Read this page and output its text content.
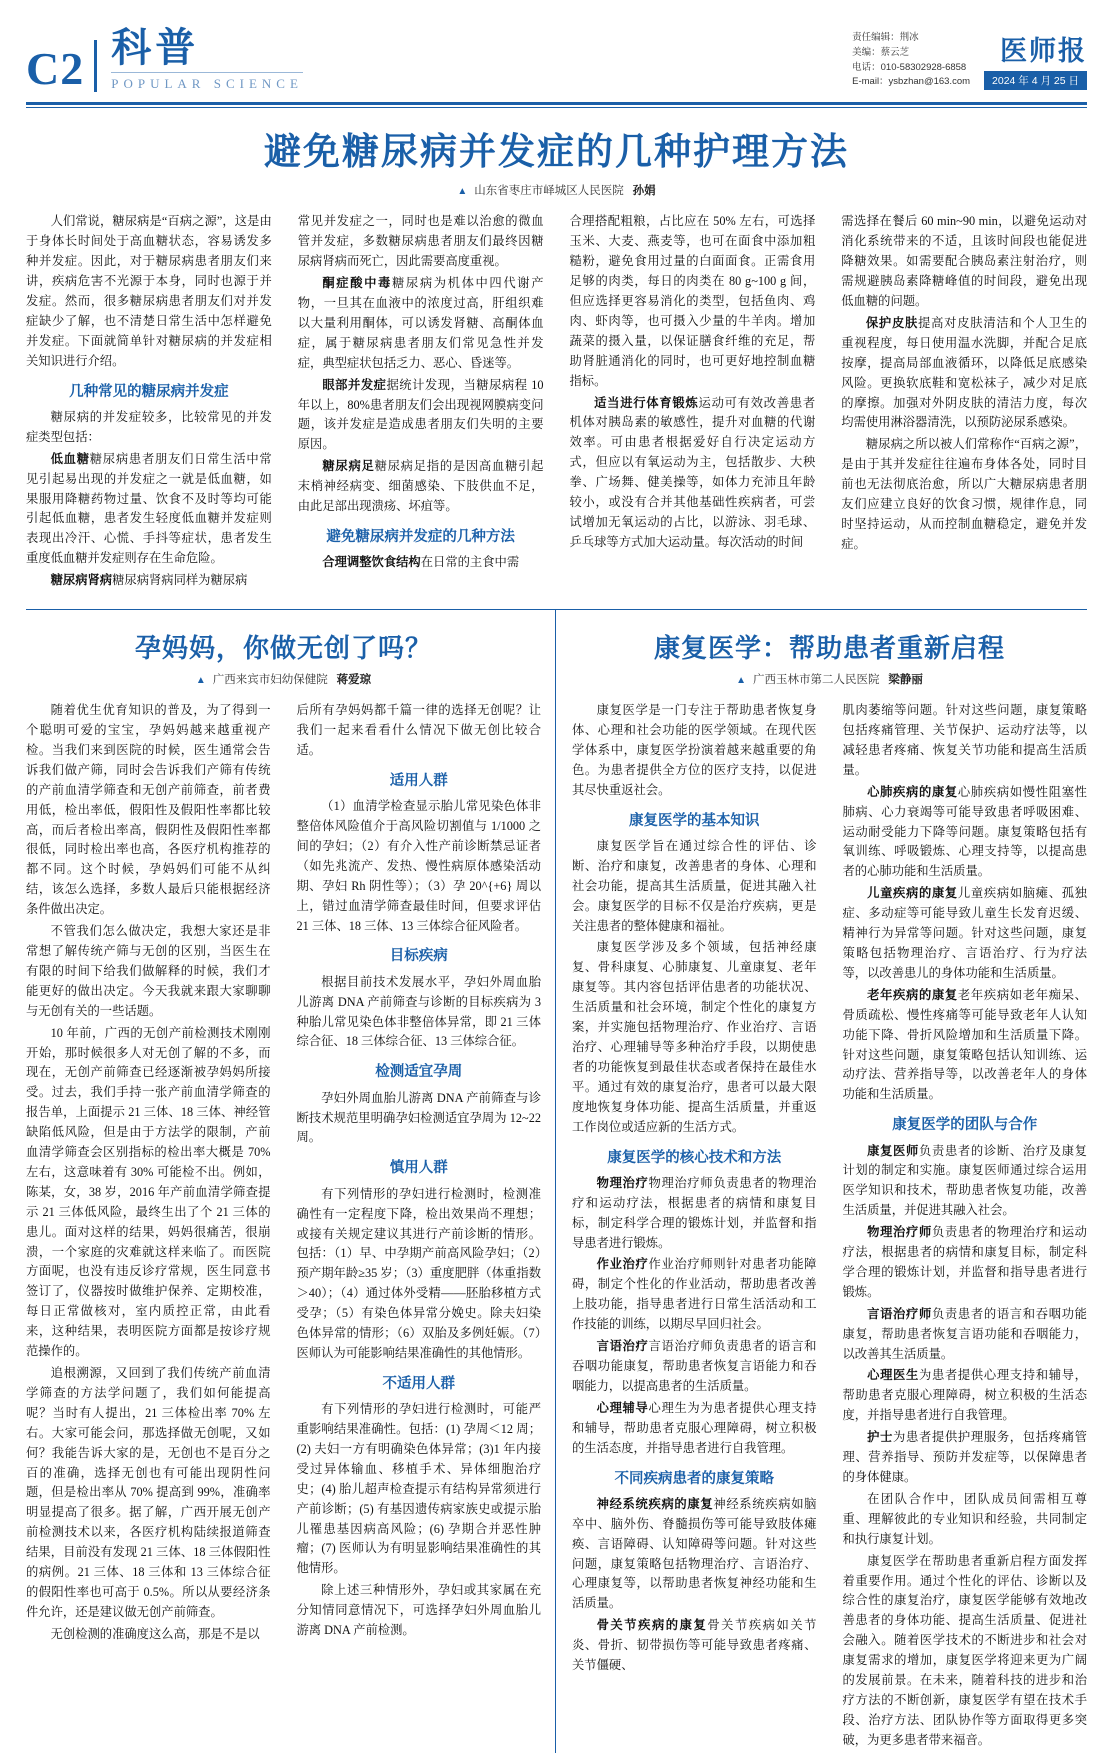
C2 科普
POPULAR SCIENCE
责任编辑：荆冰
美编：蔡云芝
电话：010-58302928-6858
E-mail：ysbzhan@163.com
医师报
2024 年 4 月 25 日
避免糖尿病并发症的几种护理方法
▲ 山东省枣庄市峄城区人民医院 孙娟

人们常说，糖尿病是“百病之源”，这是由于身体长时间处于高血糖状态，容易诱发多种并发症。因此，对于糖尿病患者朋友们来讲，疾病危害不光源于本身，同时也源于并发症。然而，很多糖尿病患者朋友们对并发症缺少了解，也不清楚日常生活中怎样避免并发症。下面就简单针对糖尿病的并发症相关知识进行介绍。

几种常见的糖尿病并发症

糖尿病的并发症较多，比较常见的并发症类型包括：

低血糖糖尿病患者朋友们日常生活中常见引起易出现的并发症之一就是低血糖，如果服用降糖药物过量、饮食不及时等均可能引起低血糖，患者发生轻度低血糖并发症则表现出冷汗、心慌、手抖等症状，患者发生重度低血糖并发症则存在生命危险。

糖尿病肾病糖尿病肾病同样为糖尿病

常见并发症之一，同时也是难以治愈的微血管并发症，多数糖尿病患者朋友们最终因糖尿病肾病而死亡，因此需要高度重视。

酮症酸中毒糖尿病为机体中四代谢产物，一旦其在血液中的浓度过高，肝组织难以大量利用酮体，可以诱发肾糖、高酮体血症，属于糖尿病患者朋友们常见急性并发症，典型症状包括乏力、恶心、昏迷等。

眼部并发症据统计发现，当糖尿病程 10 年以上，80%患者朋友们会出现视网膜病变问题，该并发症是造成患者朋友们失明的主要原因。

糖尿病足糖尿病足指的是因高血糖引起末梢神经病变、细菌感染、下肢供血不足，由此足部出现溃疡、坏疽等。

避免糖尿病并发症的几种方法

合理调整饮食结构在日常的主食中需

合理搭配粗粮，占比应在 50% 左右，可选择玉米、大麦、燕麦等，也可在面食中添加粗糙粉，避免食用过量的白面面食。正需食用足够的肉类，每日的肉类在 80 g~100 g 间，但应选择更容易消化的类型，包括鱼肉、鸡肉、虾肉等，也可摄入少量的牛羊肉。增加蔬菜的摄入量，以保证膳食纤维的充足，帮助肾脏通消化的同时，也可更好地控制血糖指标。

适当进行体育锻炼运动可有效改善患者机体对胰岛素的敏感性，提升对血糖的代谢效率。可由患者根据爱好自行决定运动方式，但应以有氧运动为主，包括散步、大秧拳、广场舞、健美操等，如体力充沛且年龄较小，或没有合并其他基础性疾病者，可尝试增加无氧运动的占比，以游泳、羽毛球、乒乓球等方式加大运动量。每次活动的时间

需选择在餐后 60 min~90 min，以避免运动对消化系统带来的不适，且该时间段也能促进降糖效果。如需要配合胰岛素注射治疗，则需规避胰岛素降糖峰值的时间段，避免出现低血糖的问题。

保护皮肤提高对皮肤清洁和个人卫生的重视程度，每日使用温水洗脚，并配合足底按摩，提高局部血液循环，以降低足底感染风险。更换软底鞋和宽松袜子，减少对足底的摩擦。加强对外阴皮肤的清洁力度，每次均需使用淋浴器清洗，以预防泌尿系感染。

糖尿病之所以被人们常称作“百病之源”，是由于其并发症往往遍布身体各处，同时目前也无法彻底治愈，所以广大糖尿病患者朋友们应建立良好的饮食习惯，规律作息，同时坚持运动，从而控制血糖稳定，避免并发症。

孕妈妈，你做无创了吗？
▲ 广西来宾市妇幼保健院 蒋爱琼

随着优生优育知识的普及，为了得到一个聪明可爱的宝宝，孕妈妈越来越重视产检。当我们来到医院的时候，医生通常会告诉我们做产筛，同时会告诉我们产筛有传统的产前血清学筛查和无创产前筛查，前者费用低，检出率低，假阳性及假阳性率都比较高，而后者检出率高，假阴性及假阳性率都很低，同时检出率也高，各医疗机构推荐的都不同。这个时候，孕妈妈们可能不从纠结，该怎么选择，多数人最后只能根据经济条件做出决定。

不管我们怎么做决定，我想大家还是非常想了解传统产筛与无创的区别，当医生在有限的时间下给我们做解释的时候，我们才能更好的做出决定。今天我就来跟大家聊聊与无创有关的一些话题。

10 年前，广西的无创产前检测技术刚刚开始，那时候很多人对无创了解的不多，而现在，无创产前筛查已经逐渐被孕妈妈所接受。过去，我们手持一张产前血清学筛查的报告单，上面提示 21 三体、18 三体、神经管缺陷低风险，但是由于方法学的限制，产前血清学筛查会区别指标的检出率大概是 70% 左右，这意味着有 30% 可能检不出。例如，陈某，女，38 岁，2016 年产前血清学筛查提示 21 三体低风险，最终生出了个 21 三体的患儿。面对这样的结果，妈妈很痛苦，很崩溃，一个家庭的灾难就这样来临了。而医院方面呢，也没有违反诊疗常规，医生同意书签订了，仪器按时做维护保养、定期校准，每日正常做核对，室内质控正常，由此看来，这种结果，表明医院方面都是按诊疗规范操作的。

追根溯源，又回到了我们传统产前血清学筛查的方法学问题了，我们如何能提高呢？当时有人提出，21 三体检出率 70% 左右。大家可能会问，那选择做无创呢，又如何？我能告诉大家的是，无创也不是百分之百的准确，选择无创也有可能出现阴性问题，但是检出率从 70% 提高到 99%，准确率明显提高了很多。据了解，广西开展无创产前检测技术以来，各医疗机构陆续报道筛查结果，目前没有发现 21 三体、18 三体假阳性的病例。21 三体、18 三体和 13 三体综合征的假阳性率也可高于 0.5%。所以从要经济条件允许，还是建议做无创产前筛查。

无创检测的准确度这么高，那是不是以

后所有孕妈妈都千篇一律的选择无创呢？让我们一起来看看什么情况下做无创比较合适。

适用人群

（1）血清学检查显示胎儿常见染色体非整倍体风险值介于高风险切割值与 1/1000 之间的孕妇；（2）有介入性产前诊断禁忌证者（如先兆流产、发热、慢性病原体感染活动期、孕妇 Rh 阴性等）；（3）孕 20^{+6} 周以上，错过血清学筛查最佳时间，但要求评估 21 三体、18 三体、13 三体综合征风险者。

目标疾病

根据目前技术发展水平，孕妇外周血胎儿游离 DNA 产前筛查与诊断的目标疾病为 3 种胎儿常见染色体非整倍体异常，即 21 三体综合征、18 三体综合征、13 三体综合征。

检测适宜孕周

孕妇外周血胎儿游离 DNA 产前筛查与诊断技术规范里明确孕妇检测适宜孕周为 12~22 周。

慎用人群

有下列情形的孕妇进行检测时，检测准确性有一定程度下降，检出效果尚不理想；或接有关规定建议其进行产前诊断的情形。包括：（1）早、中孕期产前高风险孕妇；（2）预产期年龄≥35 岁；（3）重度肥胖（体重指数＞40）；（4）通过体外受精——胚胎移植方式受孕；（5）有染色体异常分娩史。除夫妇染色体异常的情形；（6）双胎及多例妊娠。（7）医师认为可能影响结果准确性的其他情形。

不适用人群

有下列情形的孕妇进行检测时，可能严重影响结果准确性。包括：(1) 孕周＜12 周；(2) 夫妇一方有明确染色体异常；(3)1 年内接受过异体输血、移植手术、异体细胞治疗史；(4) 胎儿超声检查提示有结构异常须进行产前诊断；(5) 有基因遗传病家族史或提示胎儿罹患基因病高风险；(6) 孕期合并恶性肿瘤；(7) 医师认为有明显影响结果准确性的其他情形。

除上述三种情形外，孕妇或其家属在充分知情同意情况下，可选择孕妇外周血胎儿游离 DNA 产前检测。

康复医学：帮助患者重新启程
▲ 广西玉林市第二人民医院 梁静丽

康复医学是一门专注于帮助患者恢复身体、心理和社会功能的医学领域。在现代医学体系中，康复医学扮演着越来越重要的角色。为患者提供全方位的医疗支持，以促进其尽快重返社会。

康复医学的基本知识

康复医学旨在通过综合性的评估、诊断、治疗和康复，改善患者的身体、心理和社会功能，提高其生活质量，促进其融入社会。康复医学的目标不仅是治疗疾病，更是关注患者的整体健康和福祉。

康复医学涉及多个领域，包括神经康复、骨科康复、心肺康复、儿童康复、老年康复等。其内容包括评估患者的功能状况、生活质量和社会环境，制定个性化的康复方案，并实施包括物理治疗、作业治疗、言语治疗、心理辅导等多种治疗手段，以期使患者的功能恢复到最佳状态或者保持在最佳水平。通过有效的康复治疗，患者可以最大限度地恢复身体功能、提高生活质量，并重返工作岗位或适应新的生活方式。

康复医学的核心技术和方法

物理治疗物理治疗师负责患者的物理治疗和运动疗法，根据患者的病情和康复目标，制定科学合理的锻炼计划，并监督和指导患者进行锻炼。

作业治疗作业治疗师则针对患者功能障碍，制定个性化的作业活动，帮助患者改善上肢功能，指导患者进行日常生活活动和工作技能的训练，以期尽早回归社会。

言语治疗言语治疗师负责患者的语言和吞咽功能康复，帮助患者恢复言语能力和吞咽能力，以提高患者的生活质量。

心理辅导心理生为为患者提供心理支持和辅导，帮助患者克服心理障碍，树立积极的生活态度，并指导患者进行自我管理。

不同疾病患者的康复策略

神经系统疾病的康复神经系统疾病如脑卒中、脑外伤、脊髓损伤等可能导致肢体瘫痪、言语障碍、认知障碍等问题。针对这些问题，康复策略包括物理治疗、言语治疗、心理康复等，以帮助患者恢复神经功能和生活质量。

骨关节疾病的康复骨关节疾病如关节炎、骨折、韧带损伤等可能导致患者疼痛、关节僵硬、

肌肉萎缩等问题。针对这些问题，康复策略包括疼痛管理、关节保护、运动疗法等，以减轻患者疼痛、恢复关节功能和提高生活质量。

心肺疾病的康复心肺疾病如慢性阻塞性肺病、心力衰竭等可能导致患者呼吸困难、运动耐受能力下降等问题。康复策略包括有氧训练、呼吸锻炼、心理支持等，以提高患者的心肺功能和生活质量。

儿童疾病的康复儿童疾病如脑瘫、孤独症、多动症等可能导致儿童生长发育迟缓、精神行为异常等问题。针对这些问题，康复策略包括物理治疗、言语治疗、行为疗法等，以改善患儿的身体功能和生活质量。

老年疾病的康复老年疾病如老年痴呆、骨质疏松、慢性疼痛等可能导致老年人认知功能下降、骨折风险增加和生活质量下降。针对这些问题，康复策略包括认知训练、运动疗法、营养指导等，以改善老年人的身体功能和生活质量。

康复医学的团队与合作

康复医师负责患者的诊断、治疗及康复计划的制定和实施。康复医师通过综合运用医学知识和技术，帮助患者恢复功能，改善生活质量，并促进其融入社会。

物理治疗师负责患者的物理治疗和运动疗法，根据患者的病情和康复目标，制定科学合理的锻炼计划，并监督和指导患者进行锻炼。

言语治疗师负责患者的语言和吞咽功能康复，帮助患者恢复言语功能和吞咽能力，以改善其生活质量。

心理医生为患者提供心理支持和辅导，帮助患者克服心理障碍，树立积极的生活态度，并指导患者进行自我管理。

护士为患者提供护理服务，包括疼痛管理、营养指导、预防并发症等，以保障患者的身体健康。

在团队合作中，团队成员间需相互尊重、理解彼此的专业知识和经验，共同制定和执行康复计划。

康复医学在帮助患者重新启程方面发挥着重要作用。通过个性化的评估、诊断以及综合性的康复治疗，康复医学能够有效地改善患者的身体功能、提高生活质量、促进社会融入。随着医学技术的不断进步和社会对康复需求的增加，康复医学将迎来更为广阔的发展前景。在未来，随着科技的进步和治疗方法的不断创新，康复医学有望在技术手段、治疗方法、团队协作等方面取得更多突破，为更多患者带来福音。
